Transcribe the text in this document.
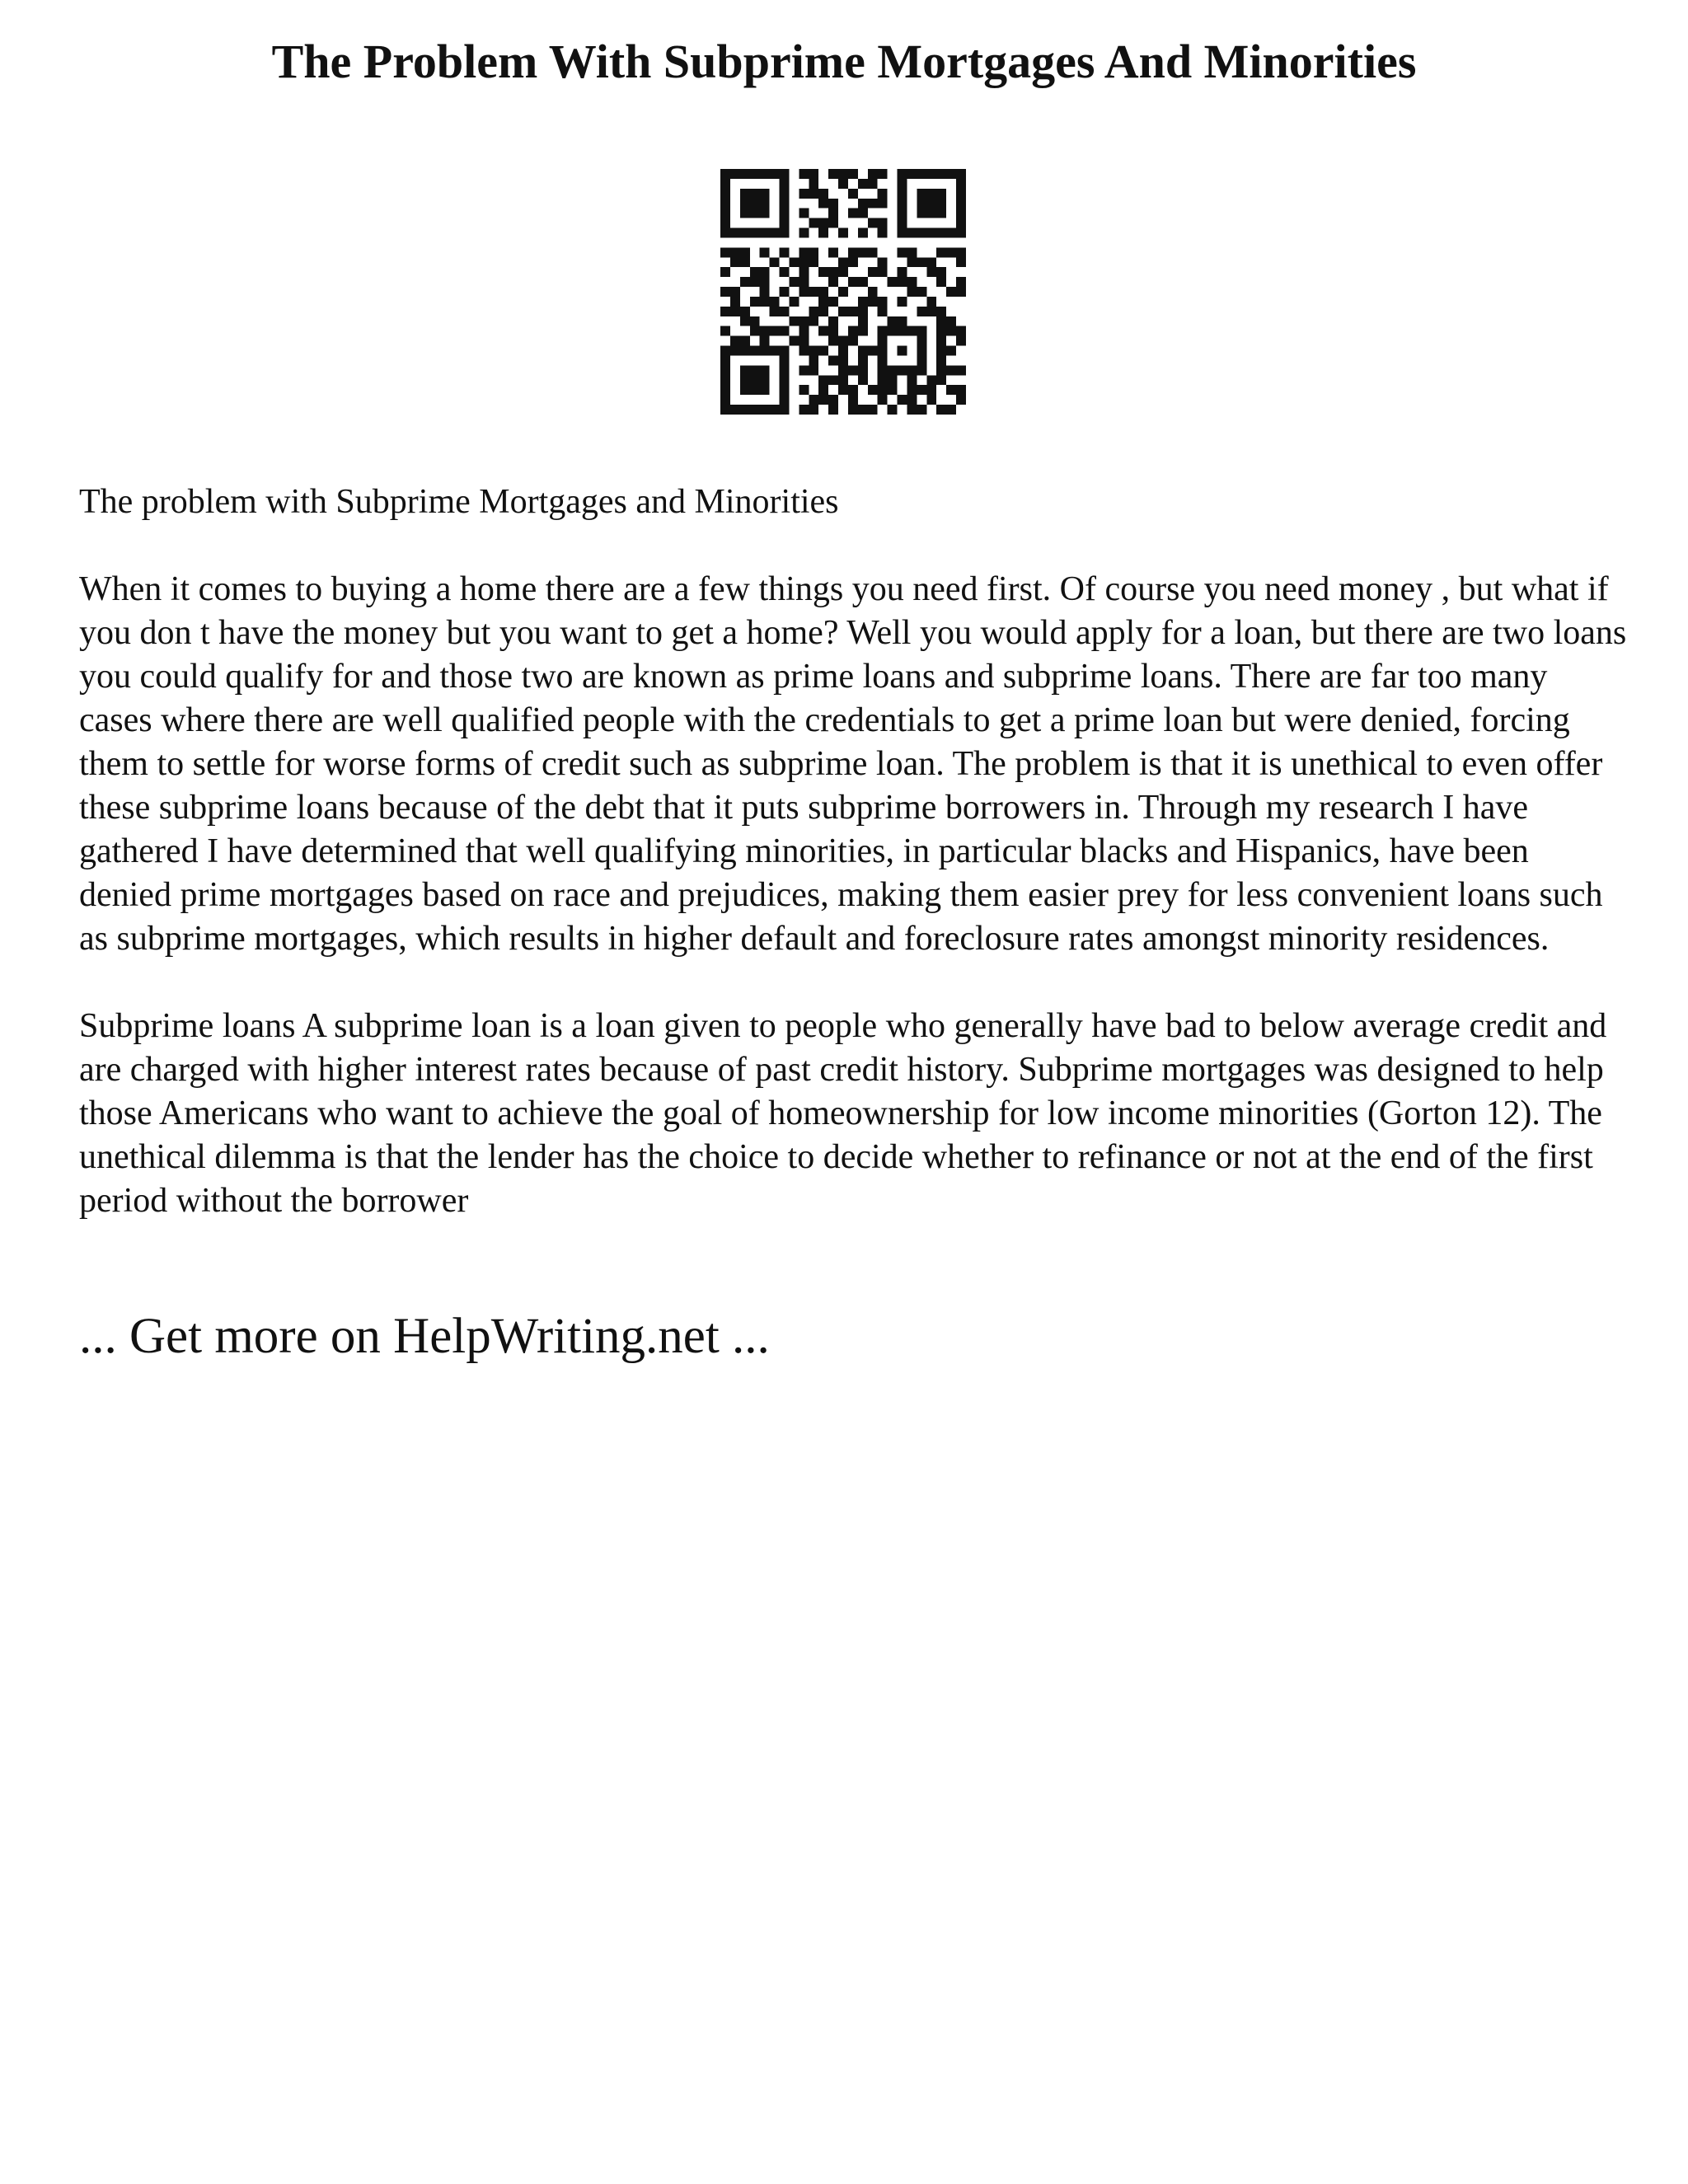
The Problem With Subprime Mortgages And Minorities

The problem with Subprime Mortgages and Minorities

When it comes to buying a home there are a few things you need first. Of course you need money , but what if you don t have the money but you want to get a home? Well you would apply for a loan, but there are two loans you could qualify for and those two are known as prime loans and subprime loans. There are far too many cases where there are well qualified people with the credentials to get a prime loan but were denied, forcing them to settle for worse forms of credit such as subprime loan. The problem is that it is unethical to even offer these subprime loans because of the debt that it puts subprime borrowers in. Through my research I have gathered I have determined that well qualifying minorities, in particular blacks and Hispanics, have been denied prime mortgages based on race and prejudices, making them easier prey for less convenient loans such as subprime mortgages, which results in higher default and foreclosure rates amongst minority residences.

Subprime loans A subprime loan is a loan given to people who generally have bad to below average credit and are charged with higher interest rates because of past credit history. Subprime mortgages was designed to help those Americans who want to achieve the goal of homeownership for low income minorities (Gorton 12). The unethical dilemma is that the lender has the choice to decide whether to refinance or not at the end of the first period without the borrower

... Get more on HelpWriting.net ...
